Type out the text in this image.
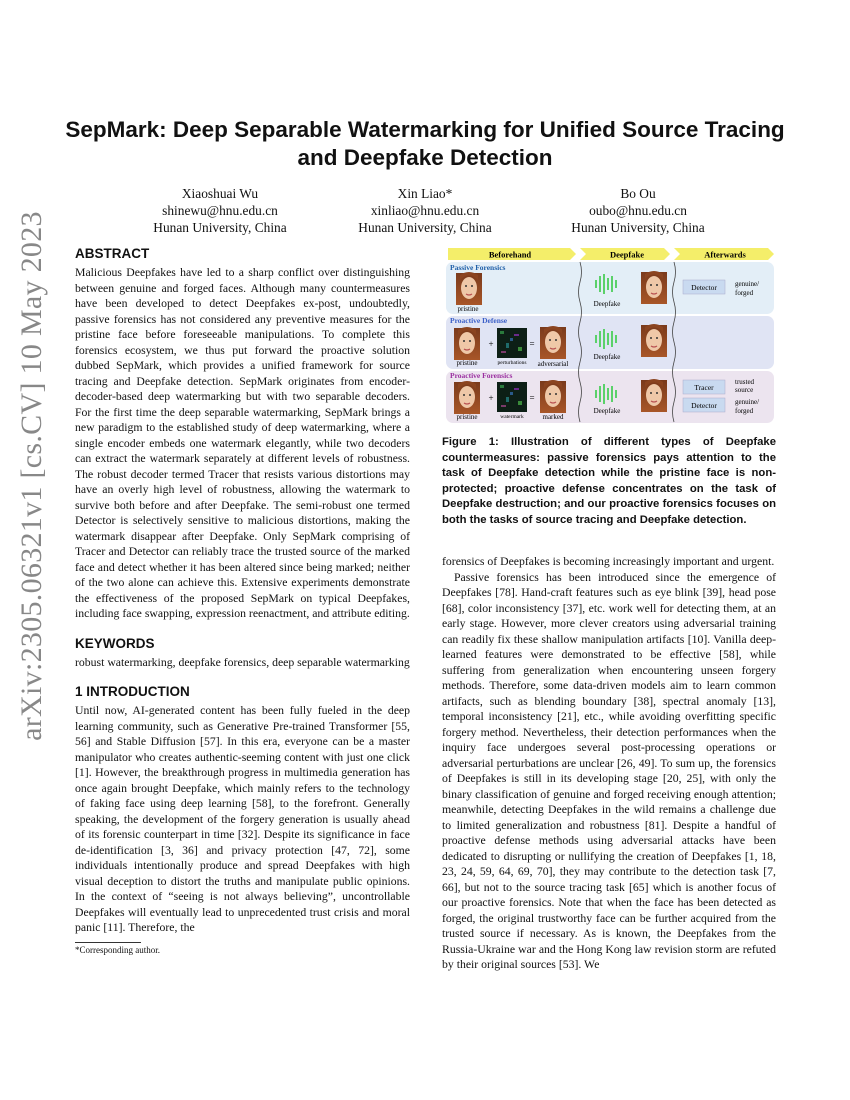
arXiv:2305.06321v1 [cs.CV] 10 May 2023
SepMark: Deep Separable Watermarking for Unified Source Tracing and Deepfake Detection
Xiaoshuai Wu
shinewu@hnu.edu.cn
Hunan University, China
Xin Liao*
xinliao@hnu.edu.cn
Hunan University, China
Bo Ou
oubo@hnu.edu.cn
Hunan University, China
ABSTRACT

Malicious Deepfakes have led to a sharp conflict over distinguishing between genuine and forged faces. Although many countermeasures have been developed to detect Deepfakes ex-post, undoubtedly, passive forensics has not considered any preventive measures for the pristine face before foreseeable manipulations. To complete this forensics ecosystem, we thus put forward the proactive solution dubbed SepMark, which provides a unified framework for source tracing and Deepfake detection. SepMark originates from encoder-decoder-based deep watermarking but with two separable decoders. For the first time the deep separable watermarking, SepMark brings a new paradigm to the established study of deep watermarking, where a single encoder embeds one watermark elegantly, while two decoders can extract the watermark separately at different levels of robustness. The robust decoder termed Tracer that resists various distortions may have an overly high level of robustness, allowing the watermark to survive both before and after Deepfake. The semi-robust one termed Detector is selectively sensitive to malicious distortions, making the watermark disappear after Deepfake. Only SepMark comprising of Tracer and Detector can reliably trace the trusted source of the marked face and detect whether it has been altered since being marked; neither of the two alone can achieve this. Extensive experiments demonstrate the effectiveness of the proposed SepMark on typical Deepfakes, including face swapping, expression reenactment, and attribute editing.

KEYWORDS

robust watermarking, deepfake forensics, deep separable watermarking

1 INTRODUCTION

Until now, AI-generated content has been fully fueled in the deep learning community, such as Generative Pre-trained Transformer [55, 56] and Stable Diffusion [57]. In this era, everyone can be a master manipulator who creates authentic-seeming content with just one click [1]. However, the breakthrough progress in multimedia generation has once again brought Deepfake, which mainly refers to the technology of faking face using deep learning [58], to the forefront. Generally speaking, the development of the forgery generation is usually ahead of its forensic counterpart in time [32]. Despite its significance in face de-identification [3, 36] and privacy protection [47, 72], some individuals intentionally produce and spread Deepfakes with high visual deception to distort the truths and manipulate public opinions. In the context of “seeing is not always believing”, uncontrollable Deepfakes will eventually lead to unprecedented trust crisis and moral panic [11]. Therefore, the

*Corresponding author.
Beforehand	Deepfake	Afterwards
Passive Forensics
pristine
Deepfake
Detector	genuine/
forged
Proactive Defense
pristine
+
perturbations
=
adversarial
Deepfake
Proactive Forensics
pristine
+
watermark
=
marked
Deepfake
Tracer
Detector
trusted
source
genuine/
forged
Figure 1: Illustration of different types of Deepfake countermeasures: passive forensics pays attention to the task of Deepfake detection while the pristine face is non-protected; proactive defense concentrates on the task of Deepfake destruction; and our proactive forensics focuses on both the tasks of source tracing and Deepfake detection.

forensics of Deepfakes is becoming increasingly important and urgent.

Passive forensics has been introduced since the emergence of Deepfakes [78]. Hand-craft features such as eye blink [39], head pose [68], color inconsistency [37], etc. work well for detecting them, at an early stage. However, more clever creators using adversarial training can readily fix these shallow manipulation artifacts [10]. Vanilla deep-learned features were demonstrated to be effective [58], while suffering from generalization when encountering unseen forgery methods. Therefore, some data-driven models aim to learn common artifacts, such as blending boundary [38], spectral anomaly [13], temporal inconsistency [21], etc., while avoiding overfitting specific forgery method. Nevertheless, their detection performances when the inquiry face undergoes several post-processing operations or adversarial perturbations are unclear [26, 49]. To sum up, the forensics of Deepfakes is still in its developing stage [20, 25], with only the binary classification of genuine and forged receiving enough attention; meanwhile, detecting Deepfakes in the wild remains a challenge due to limited generalization and robustness [81]. Despite a handful of proactive defense methods using adversarial attacks have been dedicated to disrupting or nullifying the creation of Deepfakes [1, 18, 23, 24, 59, 64, 69, 70], they may contribute to the detection task [7, 66], but not to the source tracing task [65] which is another focus of our proactive forensics. Note that when the face has been detected as forged, the original trustworthy face can be further acquired from the trusted source if necessary. As is known, the Deepfakes from the Russia-Ukraine war and the Hong Kong law revision storm are refuted by their original sources [53]. We
